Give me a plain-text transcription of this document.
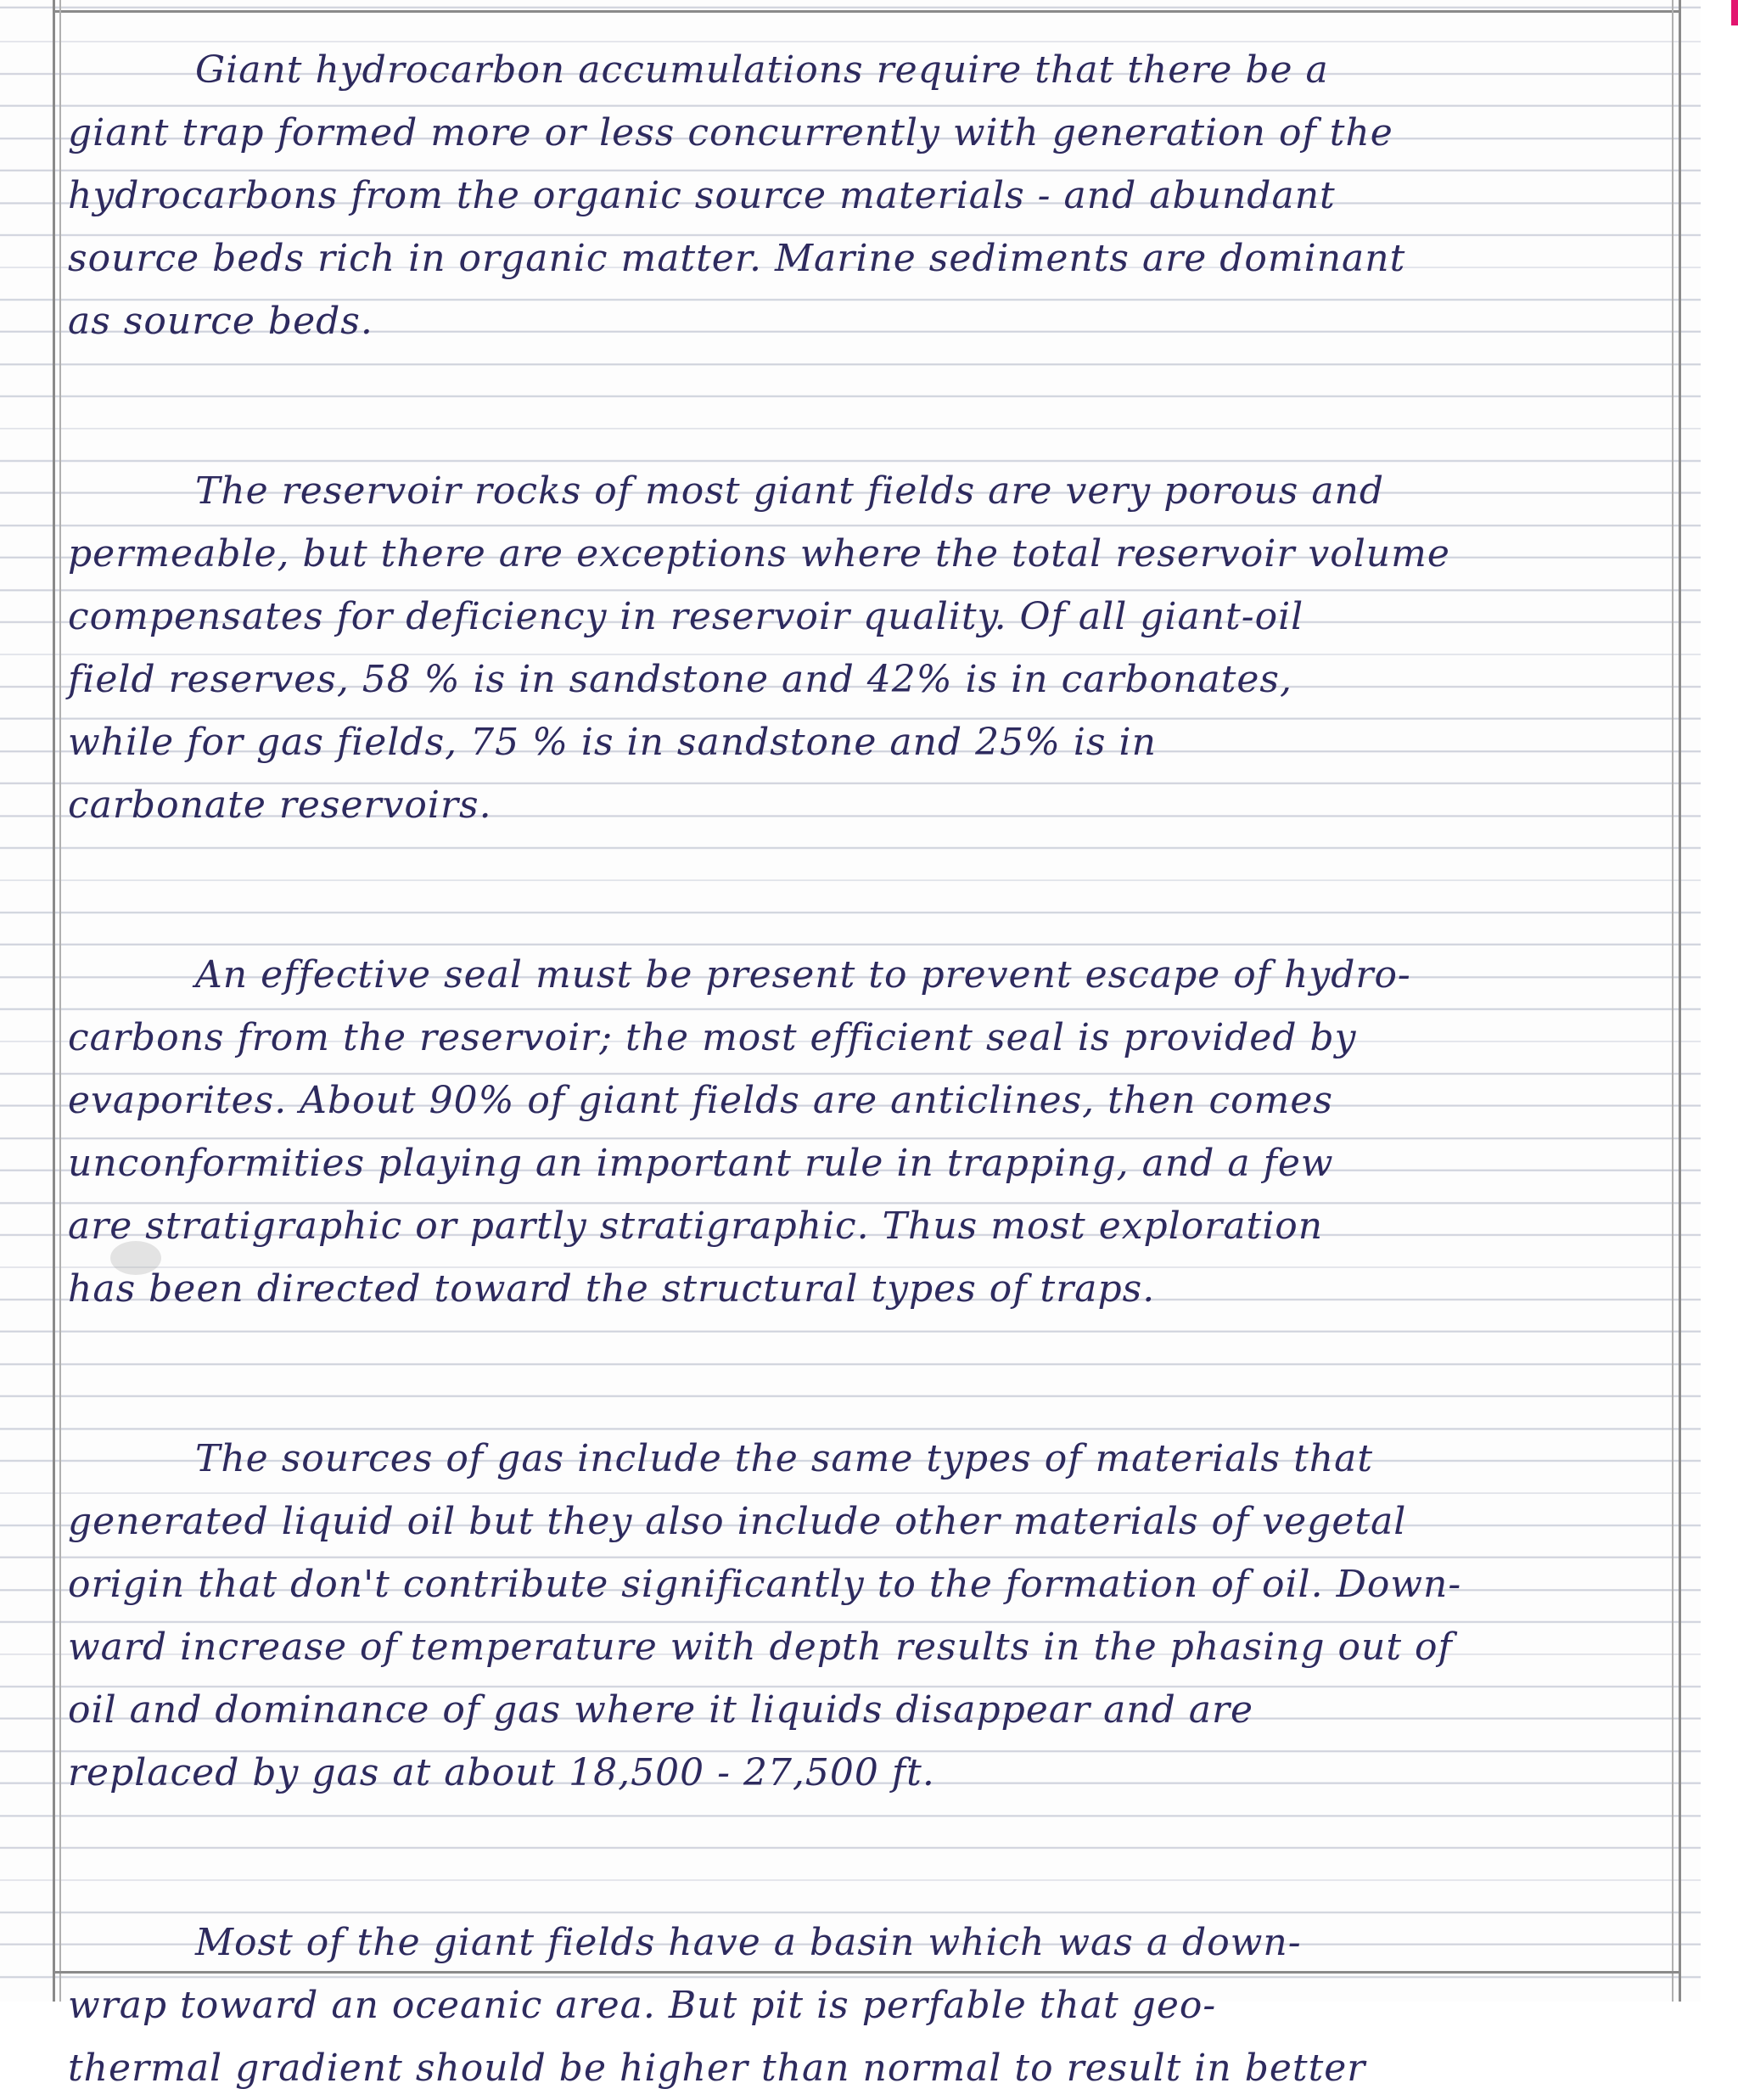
Giant hydrocarbon accumulations require that there be a
giant trap formed more or less concurrently with generation of the
hydrocarbons from the organic source materials - and abundant
source beds rich in organic matter. Marine sediments are dominant
as source beds.
The reservoir rocks of most giant fields are very porous and
permeable, but there are exceptions where the total reservoir volume
compensates for deficiency in reservoir quality. Of all giant-oil
field reserves, 58 % is in sandstone and 42% is in carbonates,
while for gas fields, 75 % is in sandstone and 25% is in
carbonate reservoirs.
An effective seal must be present to prevent escape of hydro-
carbons from the reservoir; the most efficient seal is provided by
evaporites. About 90% of giant fields are anticlines, then comes
unconformities playing an important rule in trapping, and a few
are stratigraphic or partly stratigraphic. Thus most exploration
has been directed toward the structural types of traps.
The sources of gas include the same types of materials that
generated liquid oil but they also include other materials of vegetal
origin that don't contribute significantly to the formation of oil. Down-
ward increase of temperature with depth results in the phasing out of
oil and dominance of gas where it liquids disappear and are
replaced by gas at about 18,500 - 27,500 ft.
Most of the giant fields have a basin which was a down-
wrap toward an oceanic area. But pit is perfable that geo-
thermal gradient should be higher than normal to result in better
